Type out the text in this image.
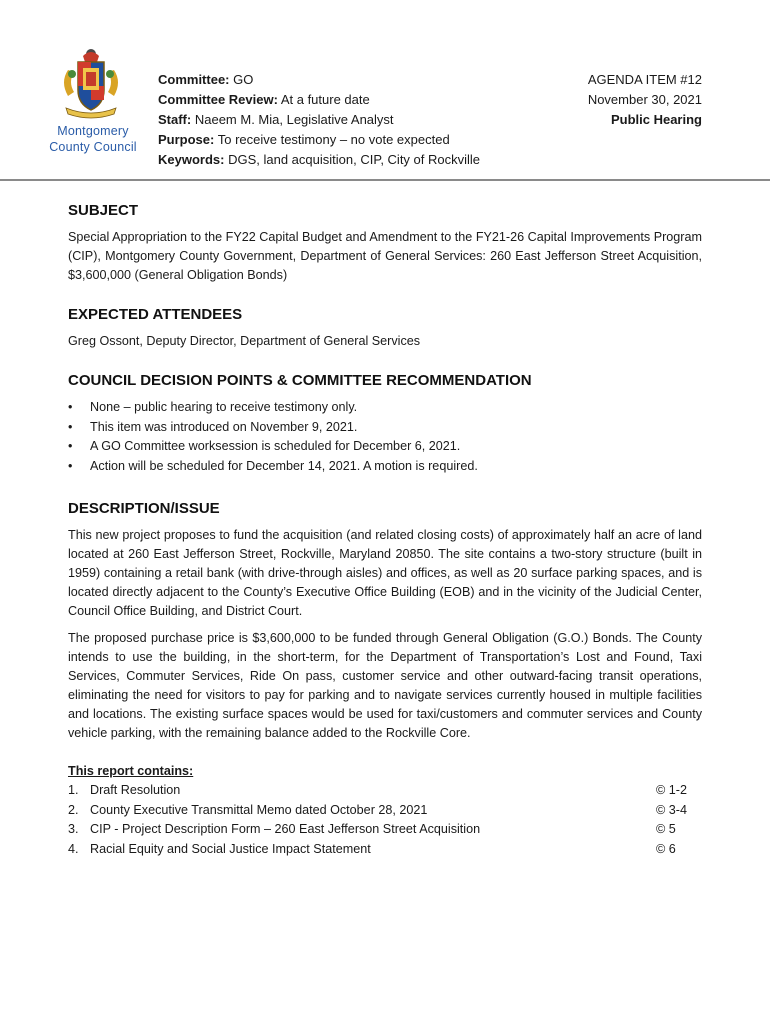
Montgomery
County Council
Committee: GO
Committee Review: At a future date
Staff: Naeem M. Mia, Legislative Analyst
Purpose: To receive testimony – no vote expected
Keywords: DGS, land acquisition, CIP, City of Rockville
AGENDA ITEM #12
November 30, 2021
Public Hearing
SUBJECT

Special Appropriation to the FY22 Capital Budget and Amendment to the FY21-26 Capital Improvements Program (CIP), Montgomery County Government, Department of General Services: 260 East Jefferson Street Acquisition, $3,600,000 (General Obligation Bonds)

EXPECTED ATTENDEES

Greg Ossont, Deputy Director, Department of General Services

COUNCIL DECISION POINTS & COMMITTEE RECOMMENDATION
• None – public hearing to receive testimony only.
• This item was introduced on November 9, 2021.
• A GO Committee worksession is scheduled for December 6, 2021.
• Action will be scheduled for December 14, 2021. A motion is required.
DESCRIPTION/ISSUE

This new project proposes to fund the acquisition (and related closing costs) of approximately half an acre of land located at 260 East Jefferson Street, Rockville, Maryland 20850. The site contains a two-story structure (built in 1959) containing a retail bank (with drive-through aisles) and offices, as well as 20 surface parking spaces, and is located directly adjacent to the County’s Executive Office Building (EOB) and in the vicinity of the Judicial Center, Council Office Building, and District Court.

The proposed purchase price is $3,600,000 to be funded through General Obligation (G.O.) Bonds. The County intends to use the building, in the short-term, for the Department of Transportation’s Lost and Found, Taxi Services, Commuter Services, Ride On pass, customer service and other outward-facing transit operations, eliminating the need for visitors to pay for parking and to navigate services currently housed in multiple facilities and locations. The existing surface spaces would be used for taxi/customers and commuter services and County vehicle parking, with the remaining balance added to the Rockville Core.

This report contains:
1. Draft Resolution	© 1-2
2. County Executive Transmittal Memo dated October 28, 2021	© 3-4
3. CIP - Project Description Form – 260 East Jefferson Street Acquisition	© 5
4. Racial Equity and Social Justice Impact Statement	© 6
